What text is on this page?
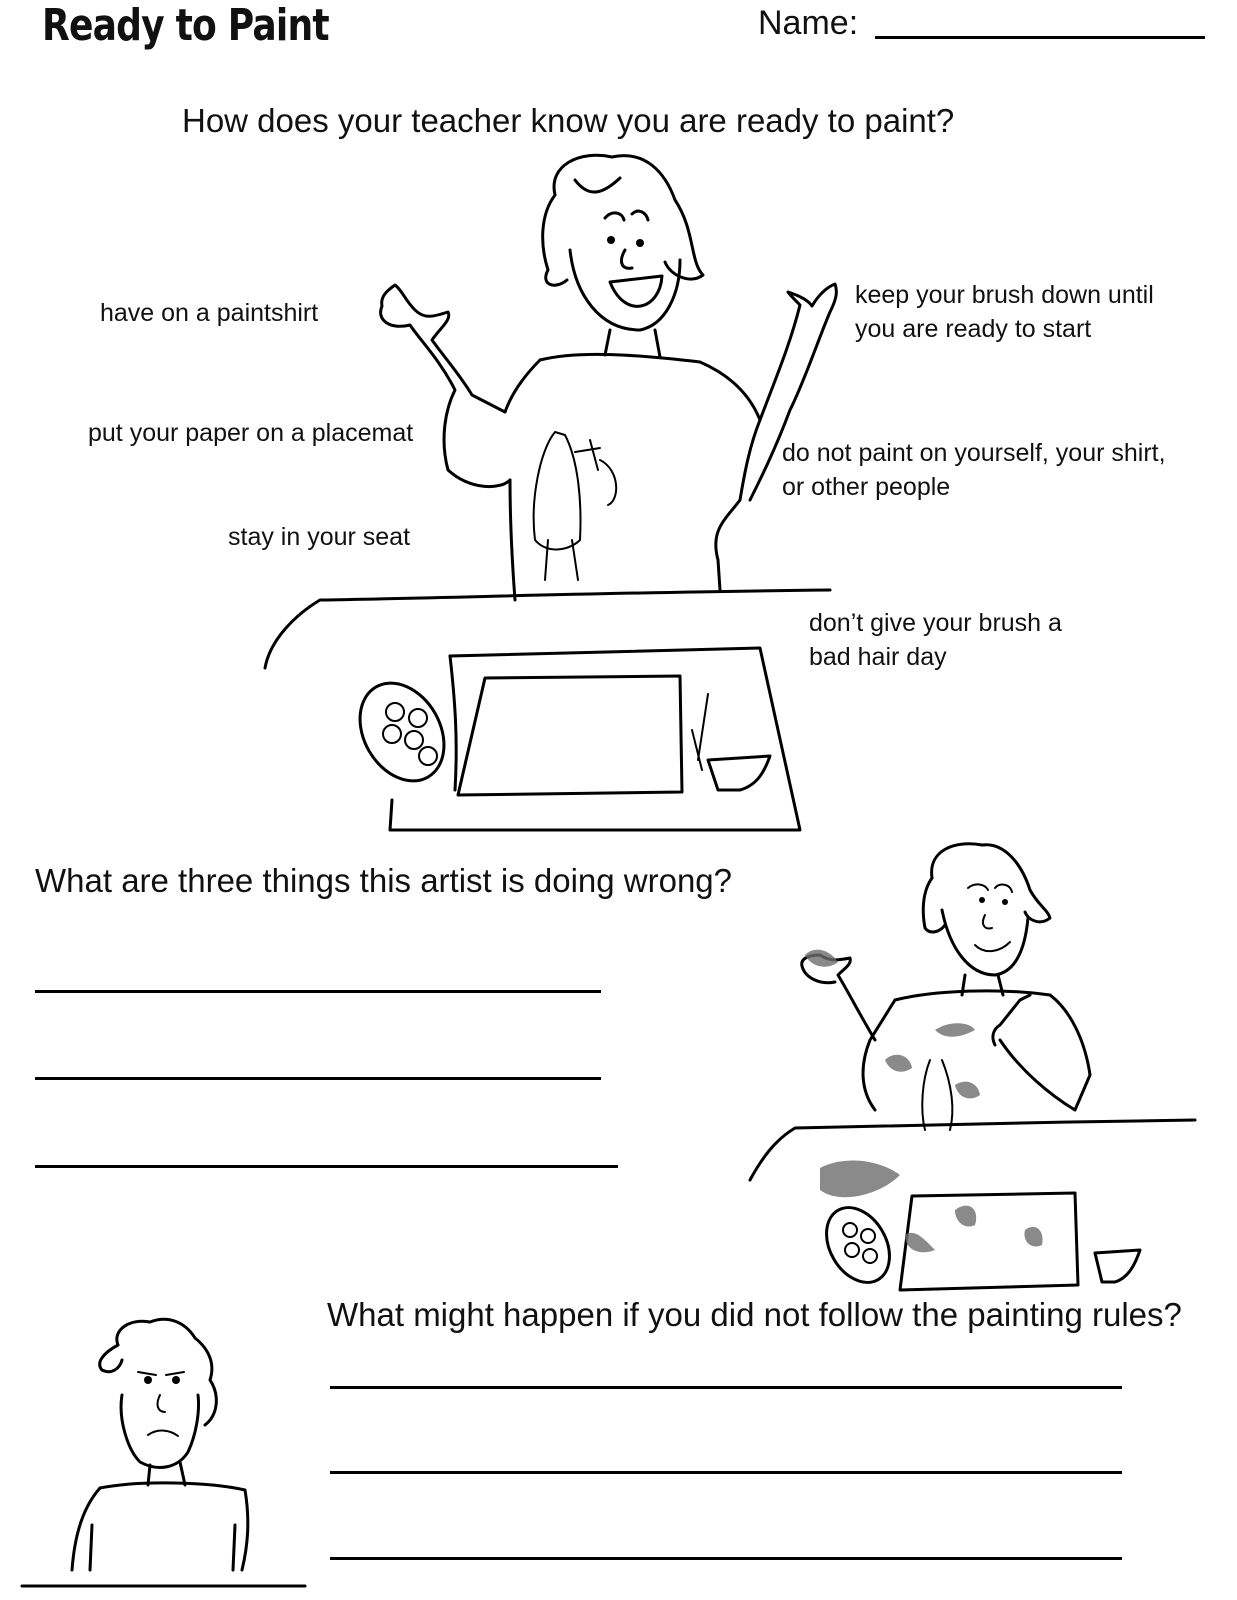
Ready to Paint	Name:
How does your teacher know you are ready to paint?
have on a paintshirt
put your paper on a placemat
stay in your seat
keep your brush down until
you are ready to start
do not paint on yourself, your shirt,
or other people
don’t give your brush a
bad hair day
What are three things this artist is doing wrong?
What might happen if you did not follow the painting rules?
